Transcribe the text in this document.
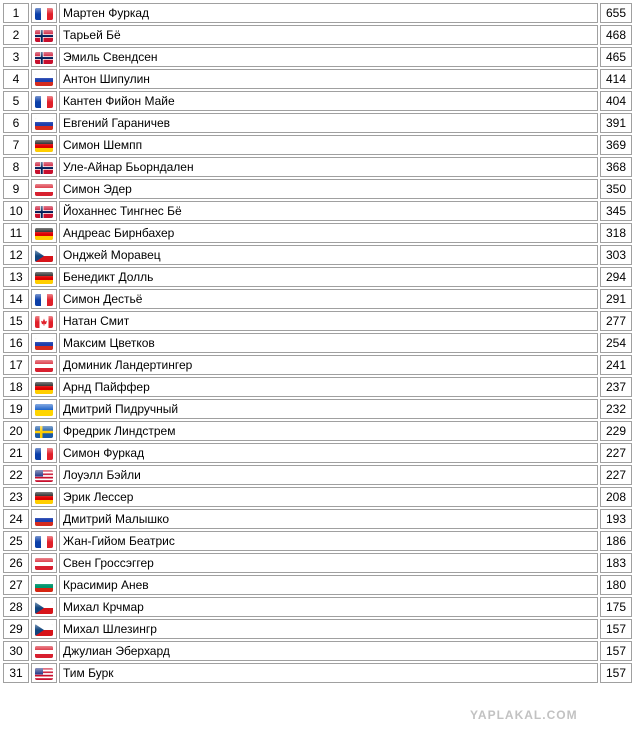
1		Мартен Фуркад	655
2		Тарьей Бё	468
3		Эмиль Свендсен	465
4		Антон Шипулин	414
5		Кантен Фийон Майе	404
6		Евгений Гараничев	391
7		Симон Шемпп	369
8		Уле-Айнар Бьорндален	368
9		Симон Эдер	350
10		Йоханнес Тингнес Бё	345
11		Андреас Бирнбахер	318
12		Онджей Моравец	303
13		Бенедикт Долль	294
14		Симон Дестьё	291
15		Натан Смит	277
16		Максим Цветков	254
17		Доминик Ландертингер	241
18		Арнд Пайффер	237
19		Дмитрий Пидручный	232
20		Фредрик Линдстрем	229
21		Симон Фуркад	227
22		Лоуэлл Бэйли	227
23		Эрик Лессер	208
24		Дмитрий Малышко	193
25		Жан-Гийом Беатрис	186
26		Свен Гроссэггер	183
27		Красимир Анев	180
28		Михал Крчмар	175
29		Михал Шлезингр	157
30		Джулиан Эберхард	157
31		Тим Бурк	157
YAPLAKAL.COM
